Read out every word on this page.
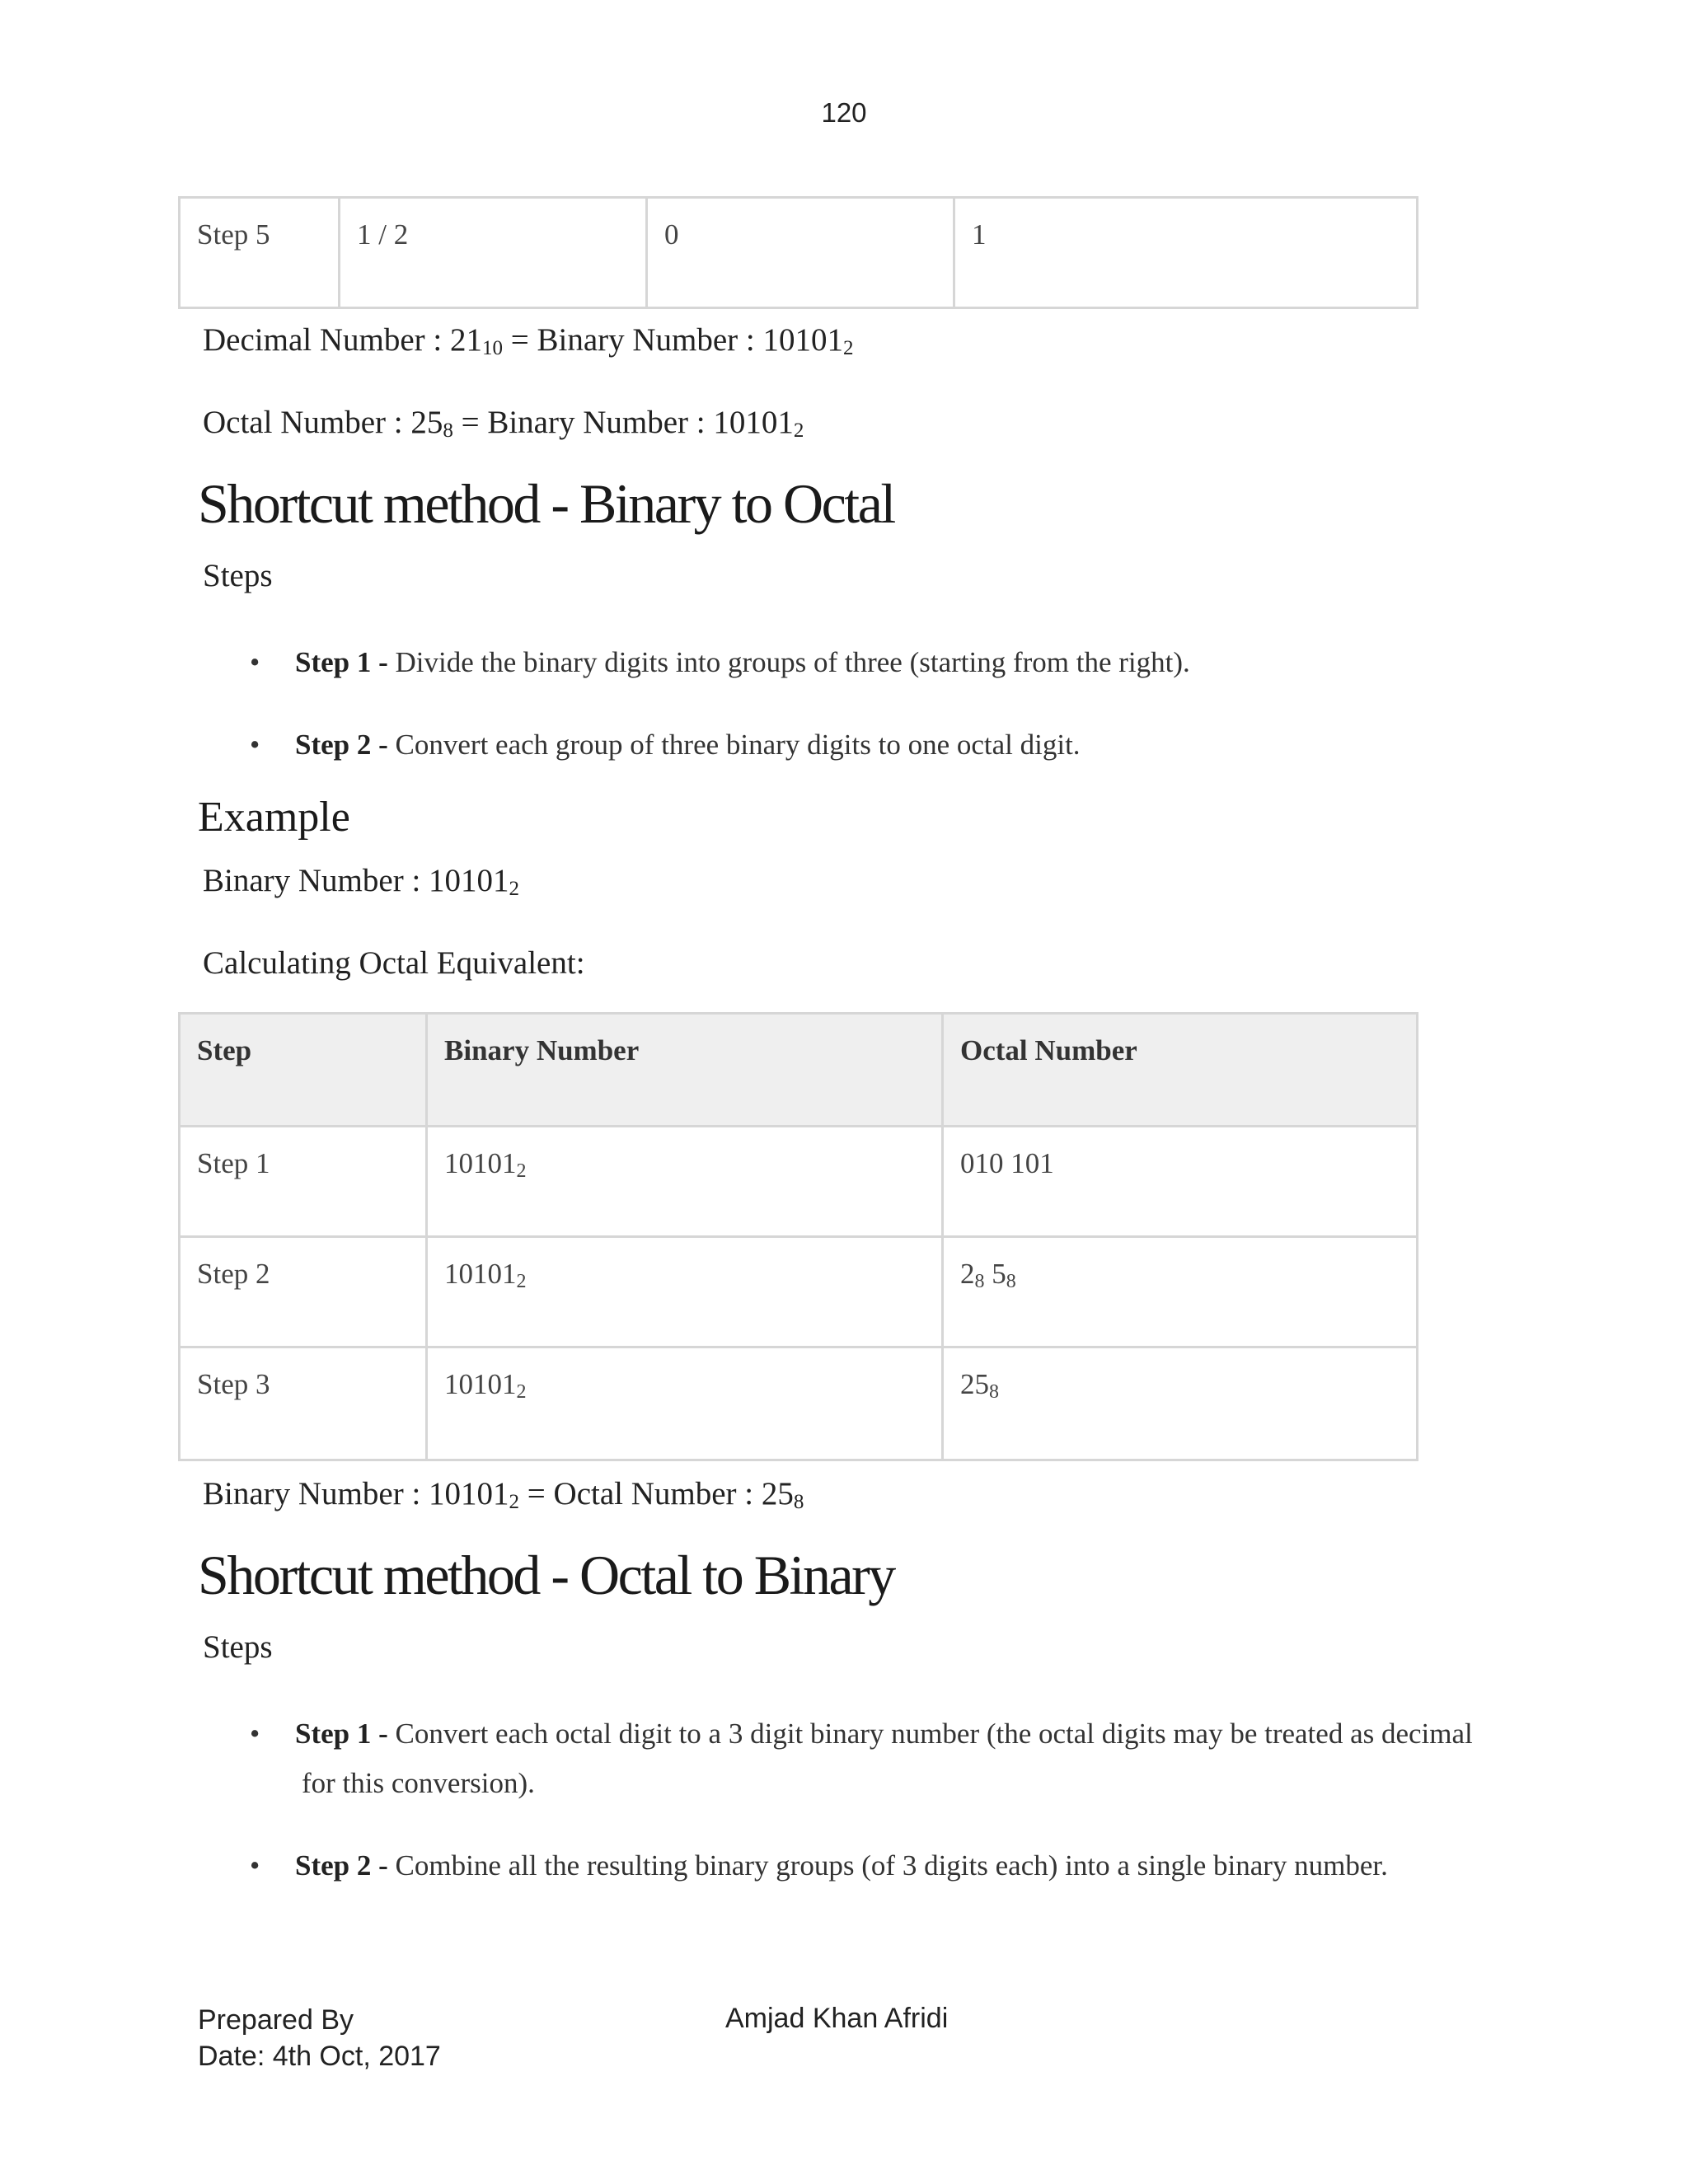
120
Step 5	1 / 2	0	1
Decimal Number : $21_{10}$ = Binary Number : $10101_2$
Octal Number : $25_8$ = Binary Number : $10101_2$
Shortcut method - Binary to Octal
Steps
• Step 1 - Divide the binary digits into groups of three (starting from the right).
• Step 2 - Convert each group of three binary digits to one octal digit.
Example
Binary Number : $10101_2$
Calculating Octal Equivalent:
Step	Binary Number	Octal Number
Step 1	$10101_2$	010 101
Step 2	$10101_2$	$2_8$ $5_8$
Step 3	$10101_2$	$25_8$
Binary Number : $10101_2$ = Octal Number : $25_8$
Shortcut method - Octal to Binary
Steps
• Step 1 - Convert each octal digit to a 3 digit binary number (the octal digits may be treated as decimal
for this conversion).
• Step 2 - Combine all the resulting binary groups (of 3 digits each) into a single binary number.
Prepared By	Amjad Khan Afridi
Date: 4th Oct, 2017
